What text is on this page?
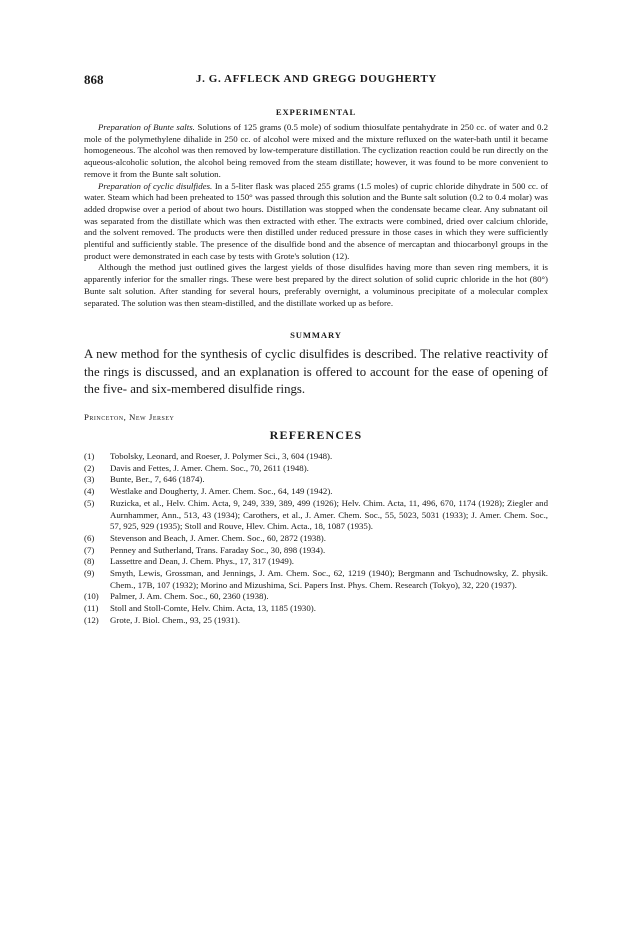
868	J. G. AFFLECK AND GREGG DOUGHERTY
EXPERIMENTAL

Preparation of Bunte salts. Solutions of 125 grams (0.5 mole) of sodium thiosulfate pentahydrate in 250 cc. of water and 0.2 mole of the polymethylene dihalide in 250 cc. of alcohol were mixed and the mixture refluxed on the water-bath until it became homogeneous. The alcohol was then removed by low-temperature distillation. The cyclization reaction could be run directly on the aqueous-alcoholic solution, the alcohol being removed from the steam distillate; however, it was found to be more convenient to remove it from the Bunte salt solution.

Preparation of cyclic disulfides. In a 5-liter flask was placed 255 grams (1.5 moles) of cupric chloride dihydrate in 500 cc. of water. Steam which had been preheated to 150° was passed through this solution and the Bunte salt solution (0.2 to 0.4 molar) was added dropwise over a period of about two hours. Distillation was stopped when the condensate became clear. Any subnatant oil was separated from the distillate which was then extracted with ether. The extracts were combined, dried over calcium chloride, and the solvent removed. The products were then distilled under reduced pressure in those cases in which they were sufficiently plentiful and sufficiently stable. The presence of the disulfide bond and the absence of mercaptan and thiocarbonyl groups in the product were demonstrated in each case by tests with Grote's solution (12).

Although the method just outlined gives the largest yields of those disulfides having more than seven ring members, it is apparently inferior for the smaller rings. These were best prepared by the direct solution of solid cupric chloride in the hot (80°) Bunte salt solution. After standing for several hours, preferably overnight, a voluminous precipitate of a molecular complex separated. The solution was then steam-distilled, and the distillate worked up as before.

SUMMARY

A new method for the synthesis of cyclic disulfides is described. The relative reactivity of the rings is discussed, and an explanation is offered to account for the ease of opening of the five- and six-membered disulfide rings.

Princeton, New Jersey
REFERENCES
(1) Tobolsky, Leonard, and Roeser, J. Polymer Sci., 3, 604 (1948).
(2) Davis and Fettes, J. Amer. Chem. Soc., 70, 2611 (1948).
(3) Bunte, Ber., 7, 646 (1874).
(4) Westlake and Dougherty, J. Amer. Chem. Soc., 64, 149 (1942).
(5) Ruzicka, et al., Helv. Chim. Acta, 9, 249, 339, 389, 499 (1926); Helv. Chim. Acta, 11, 496, 670, 1174 (1928); Ziegler and Aurnhammer, Ann., 513, 43 (1934); Carothers, et al., J. Amer. Chem. Soc., 55, 5023, 5031 (1933); J. Amer. Chem. Soc., 57, 925, 929 (1935); Stoll and Rouve, Hlev. Chim. Acta., 18, 1087 (1935).
(6) Stevenson and Beach, J. Amer. Chem. Soc., 60, 2872 (1938).
(7) Penney and Sutherland, Trans. Faraday Soc., 30, 898 (1934).
(8) Lassettre and Dean, J. Chem. Phys., 17, 317 (1949).
(9) Smyth, Lewis, Grossman, and Jennings, J. Am. Chem. Soc., 62, 1219 (1940); Bergmann and Tschudnowsky, Z. physik. Chem., 17B, 107 (1932); Morino and Mizushima, Sci. Papers Inst. Phys. Chem. Research (Tokyo), 32, 220 (1937).
(10) Palmer, J. Am. Chem. Soc., 60, 2360 (1938).
(11) Stoll and Stoll-Comte, Helv. Chim. Acta, 13, 1185 (1930).
(12) Grote, J. Biol. Chem., 93, 25 (1931).
